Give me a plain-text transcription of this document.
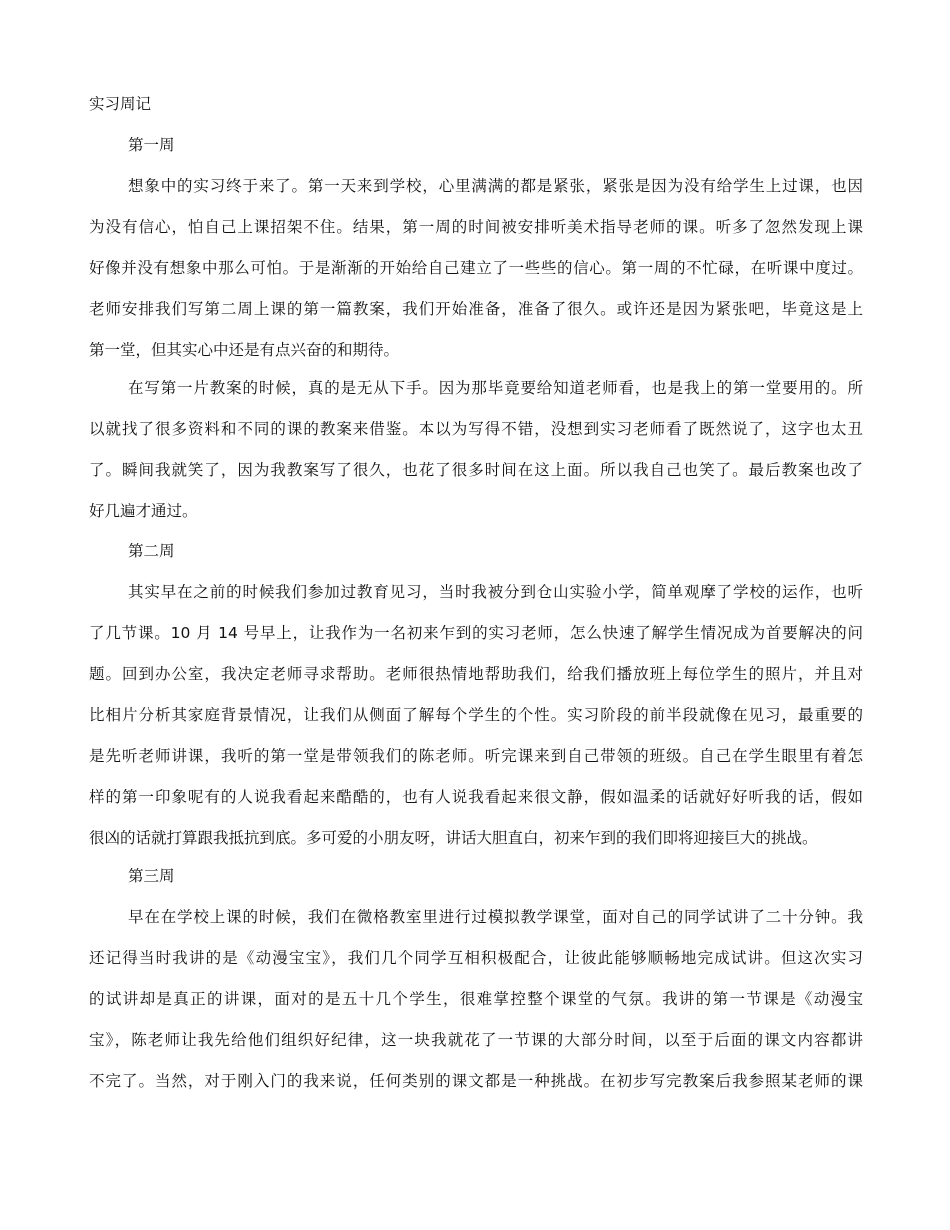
实习周记
第一周
想象中的实习终于来了。第一天来到学校，心里满满的都是紧张，紧张是因为没有给学生上过课，也因
为没有信心，怕自己上课招架不住。结果，第一周的时间被安排听美术指导老师的课。听多了忽然发现上课
好像并没有想象中那么可怕。于是渐渐的开始给自己建立了一些些的信心。第一周的不忙碌，在听课中度过。
老师安排我们写第二周上课的第一篇教案，我们开始准备，准备了很久。或许还是因为紧张吧，毕竟这是上
第一堂，但其实心中还是有点兴奋的和期待。
在写第一片教案的时候，真的是无从下手。因为那毕竟要给知道老师看，也是我上的第一堂要用的。所
以就找了很多资料和不同的课的教案来借鉴。本以为写得不错，没想到实习老师看了既然说了，这字也太丑
了。瞬间我就笑了，因为我教案写了很久，也花了很多时间在这上面。所以我自己也笑了。最后教案也改了
好几遍才通过。
第二周
其实早在之前的时候我们参加过教育见习，当时我被分到仓山实验小学，简单观摩了学校的运作，也听
了几节课。10 月 14 号早上，让我作为一名初来乍到的实习老师，怎么快速了解学生情况成为首要解决的问
题。回到办公室，我决定老师寻求帮助。老师很热情地帮助我们，给我们播放班上每位学生的照片，并且对
比相片分析其家庭背景情况，让我们从侧面了解每个学生的个性。实习阶段的前半段就像在见习，最重要的
是先听老师讲课，我听的第一堂是带领我们的陈老师。听完课来到自己带领的班级。自己在学生眼里有着怎
样的第一印象呢有的人说我看起来酷酷的，也有人说我看起来很文静，假如温柔的话就好好听我的话，假如
很凶的话就打算跟我抵抗到底。多可爱的小朋友呀，讲话大胆直白，初来乍到的我们即将迎接巨大的挑战。
第三周
早在在学校上课的时候，我们在微格教室里进行过模拟教学课堂，面对自己的同学试讲了二十分钟。我
还记得当时我讲的是《动漫宝宝》，我们几个同学互相积极配合，让彼此能够顺畅地完成试讲。但这次实习
的试讲却是真正的讲课，面对的是五十几个学生，很难掌控整个课堂的气氛。我讲的第一节课是《动漫宝
宝》，陈老师让我先给他们组织好纪律，这一块我就花了一节课的大部分时间，以至于后面的课文内容都讲
不完了。当然，对于刚入门的我来说，任何类别的课文都是一种挑战。在初步写完教案后我参照某老师的课
